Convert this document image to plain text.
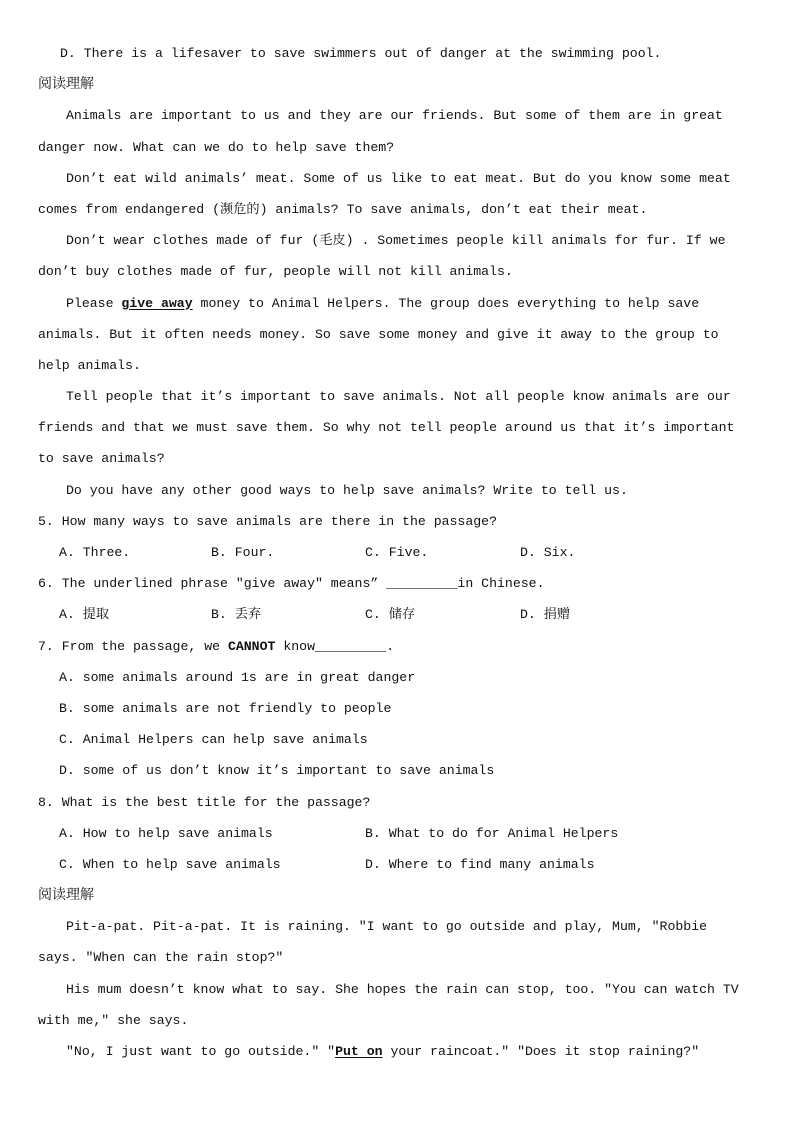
D. There is a lifesaver to save swimmers out of danger at the swimming pool.
阅读理解
Animals are important to us and they are our friends. But some of them are in great
danger now. What can we do to help save them?
Don’t eat wild animals’ meat. Some of us like to eat meat. But do you know some meat
comes from endangered (濒危的) animals? To save animals, don’t eat their meat.
Don’t wear clothes made of fur (毛皮) . Sometimes people kill animals for fur. If we
don’t buy clothes made of fur, people will not kill animals.
Please give away money to Animal Helpers. The group does everything to help save
animals. But it often needs money. So save some money and give it away to the group to
help animals.
Tell people that it’s important to save animals. Not all people know animals are our
friends and that we must save them. So why not tell people around us that it’s important
to save animals?
Do you have any other good ways to help save animals? Write to tell us.
5. How many ways to save animals are there in the passage?
A. Three.	B. Four.	C. Five.	D. Six.
6. The underlined phrase "give away" means” _________in Chinese.
A. 提取	B. 丢弃	C. 储存	D. 捐赠
7. From the passage, we CANNOT know_________.
A. some animals around 1s are in great danger
B. some animals are not friendly to people
C. Animal Helpers can help save animals
D. some of us don’t know it’s important to save animals
8. What is the best title for the passage?
A. How to help save animals	B. What to do for Animal Helpers
C. When to help save animals	D. Where to find many animals
阅读理解
Pit-a-pat. Pit-a-pat. It is raining. "I want to go outside and play, Mum, "Robbie
says. "When can the rain stop?"
His mum doesn’t know what to say. She hopes the rain can stop, too. "You can watch TV
with me," she says.
"No, I just want to go outside." "Put on your raincoat." "Does it stop raining?"
